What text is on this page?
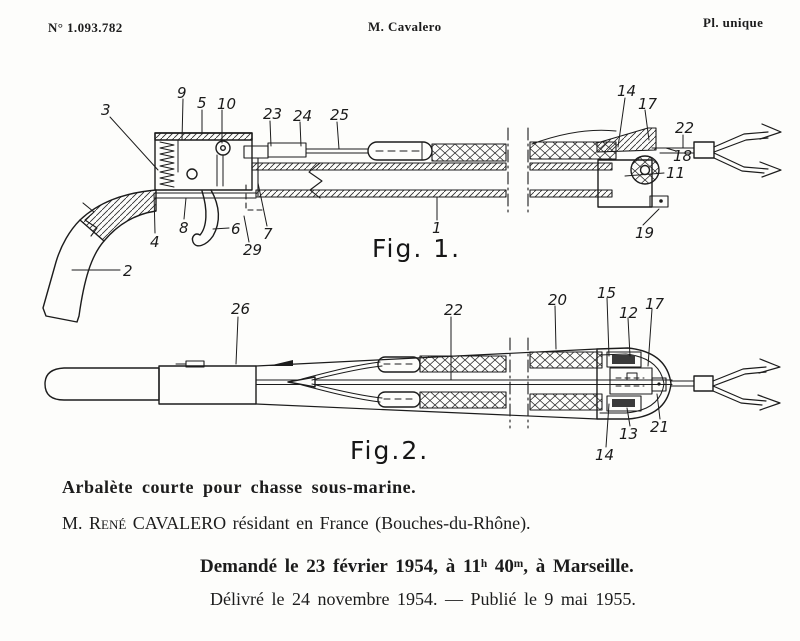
N° 1.093.782	M. Cavalero	Pl. unique
3
9
5 10
23 24 25
14
17
22
18
11
19
4
8	6 7
29
1
2
26	22
20 15
12 17
13 21
14
Fig. 1.
Fig.2.
Arbalète courte pour chasse sous-marine.
M. René CAVALERO résidant en France (Bouches-du-Rhône).
Demandé le 23 février 1954, à 11ʰ 40ᵐ, à Marseille.
Délivré le 24 novembre 1954. — Publié le 9 mai 1955.
